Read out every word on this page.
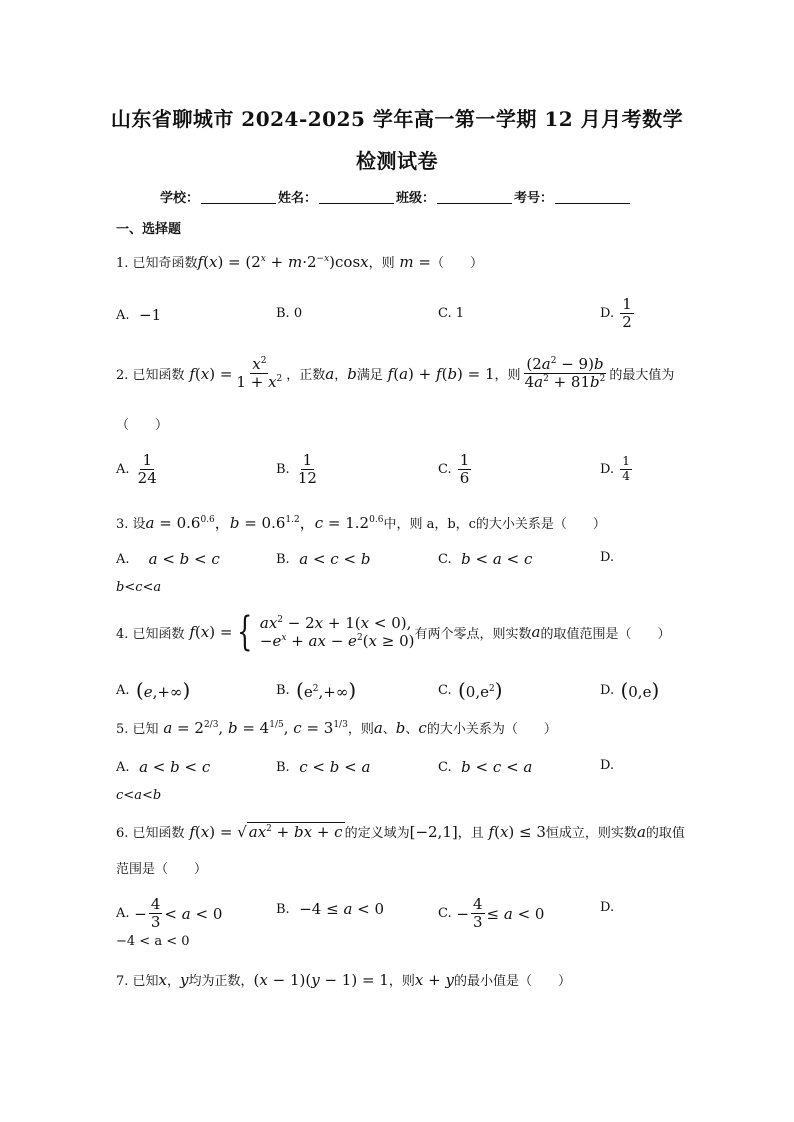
山东省聊城市 2024-2025 学年高一第一学期 12 月月考数学
检测试卷
学校：	姓名：	班级：	考号：
一、选择题
1. 已知奇函数 $f(x) = (2^x + m\cdot 2^{-x})\cos x$ ，则 m = （　　）
A. −1	B. 0	C. 1	D.
$\frac{1}{2}$
2. 已知函数 $f(x) = \frac{x^2}{1 + x^2}$ ，正数 a ， b 满足 f(a) + f(b) = 1 ，则 $\frac{(2a^2 - 9)b}{4a^2 + 81b^2}$ 的最大值为
（　　）
A.
$\frac{1}{24}$	B.
$\frac{1}{12}$	C.
$\frac{1}{6}$	D.
$\frac{1}{4}$
3. 设 $a = 0.6^{0.6}$，$b = 0.6^{1.2}$，$c = 1.2^{0.6}$ 中，则 a，b，c的大小关系是（　　）
A.	a < b < c	B. a < c < b	C. b < a < c	D.
b < c < a
4. 已知函数 f(x) = { $ax^2 - 2x + 1(x < 0)$,
$-e^x$ + ax − $e^2(x \ge 0)$ 有两个零点，则实数 a 的取值范围是（　　）
A. (e,+∞)	B. $(e^2,+\infty)$	C. $(0,e^2)$	D. (0,e)
5. 已知 $a = 2^{2/3}$, $b = 4^{1/5}$, $c = 3^{1/3}$ ，则 a 、 b 、 c 的大小关系为（　　）
A. a < b < c	B. c < b < a	C. b < c < a	D.
c < a < b
6. 已知函数 f(x) = √ $ax^2$ + bx + c 的定义域为 [−2,1] ，且 f(x) ≤ 3 恒成立，则实数 a 的取值
范围是（　　）
A. − $\frac{4}{3} < a < 0$	B. −4 ≤ a < 0	C. − $\frac{4}{3} \le a < 0$	D.
−4 < a < 0
7. 已知 x ， y 均为正数， (x − 1)(y − 1) = 1 ，则 x + y 的最小值是（　　）
